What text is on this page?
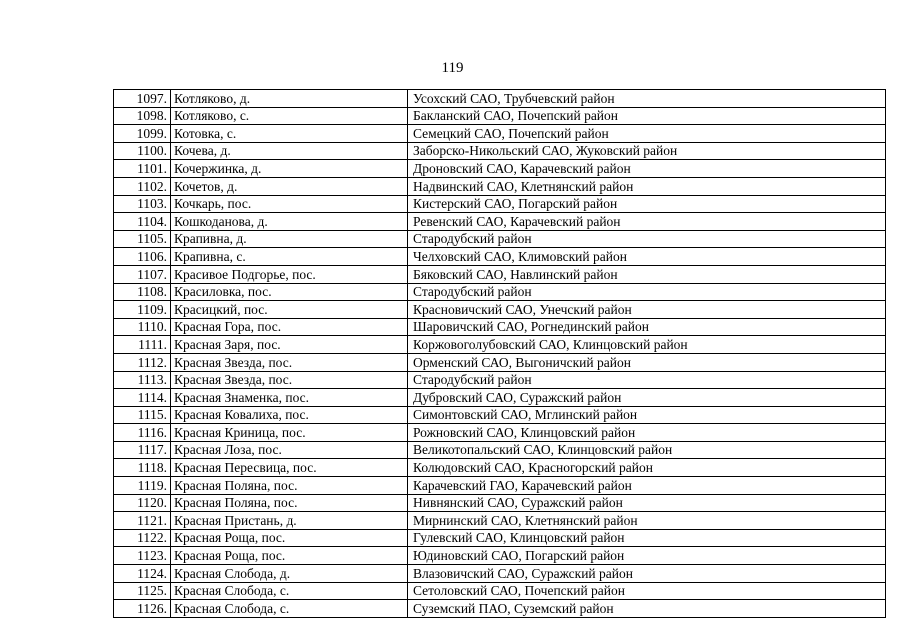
119
1097.	Котляково, д.	Усохский САО, Трубчевский район
1098.	Котляково, с.	Бакланский САО, Почепский район
1099.	Котовка, с.	Семецкий САО, Почепский район
1100.	Кочева, д.	Заборско-Никольский САО, Жуковский район
1101.	Кочержинка, д.	Дроновский САО, Карачевский район
1102.	Кочетов, д.	Надвинский САО, Клетнянский район
1103.	Кочкарь, пос.	Кистерский САО, Погарский район
1104.	Кошкоданова, д.	Ревенский САО, Карачевский район
1105.	Крапивна, д.	Стародубский район
1106.	Крапивна, с.	Челховский САО, Климовский район
1107.	Красивое Подгорье, пос.	Бяковский САО, Навлинский район
1108.	Красиловка, пос.	Стародубский район
1109.	Красицкий, пос.	Красновичский САО, Унечский район
1110.	Красная Гора, пос.	Шаровичский САО, Рогнединский район
1111.	Красная Заря, пос.	Коржовоголубовский САО, Клинцовский район
1112.	Красная Звезда, пос.	Орменский САО, Выгоничский район
1113.	Красная Звезда, пос.	Стародубский район
1114.	Красная Знаменка, пос.	Дубровский САО, Суражский район
1115.	Красная Ковалиха, пос.	Симонтовский САО, Мглинский район
1116.	Красная Криница, пос.	Рожновский САО, Клинцовский район
1117.	Красная Лоза, пос.	Великотопальский САО, Клинцовский район
1118.	Красная Пересвица, пос.	Колюдовский САО, Красногорский район
1119.	Красная Поляна, пос.	Карачевский ГАО, Карачевский район
1120.	Красная Поляна, пос.	Нивнянский САО, Суражский район
1121.	Красная Пристань, д.	Мирнинский САО, Клетнянский район
1122.	Красная Роща, пос.	Гулевский САО, Клинцовский район
1123.	Красная Роща, пос.	Юдиновский САО, Погарский район
1124.	Красная Слобода, д.	Влазовичский САО, Суражский район
1125.	Красная Слобода, с.	Сетоловский САО, Почепский район
1126.	Красная Слобода, с.	Суземский ПАО, Суземский район
